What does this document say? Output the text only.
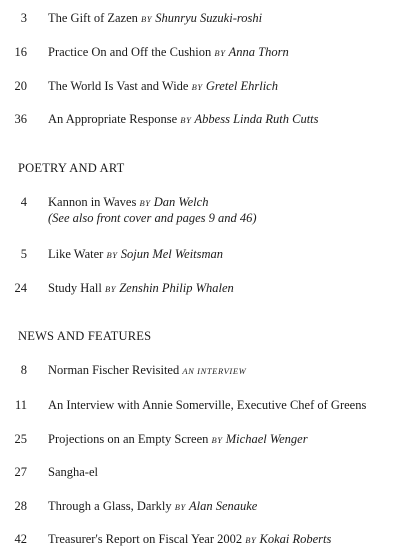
3 The Gift of Zazen BY Shunryu Suzuki-roshi
16 Practice On and Off the Cushion BY Anna Thorn
20 The World Is Vast and Wide BY Gretel Ehrlich
36 An Appropriate Response BY Abbess Linda Ruth Cutts
POETRY AND ART
4 Kannon in Waves BY Dan Welch
(See also front cover and pages 9 and 46)
5 Like Water BY Sojun Mel Weitsman
24 Study Hall BY Zenshin Philip Whalen
NEWS AND FEATURES
8 Norman Fischer Revisited AN INTERVIEW
11 An Interview with Annie Somerville, Executive Chef of Greens
25 Projections on an Empty Screen BY Michael Wenger
27 Sangha-el
28 Through a Glass, Darkly BY Alan Senauke
42 Treasurer's Report on Fiscal Year 2002 BY Kokai Roberts
